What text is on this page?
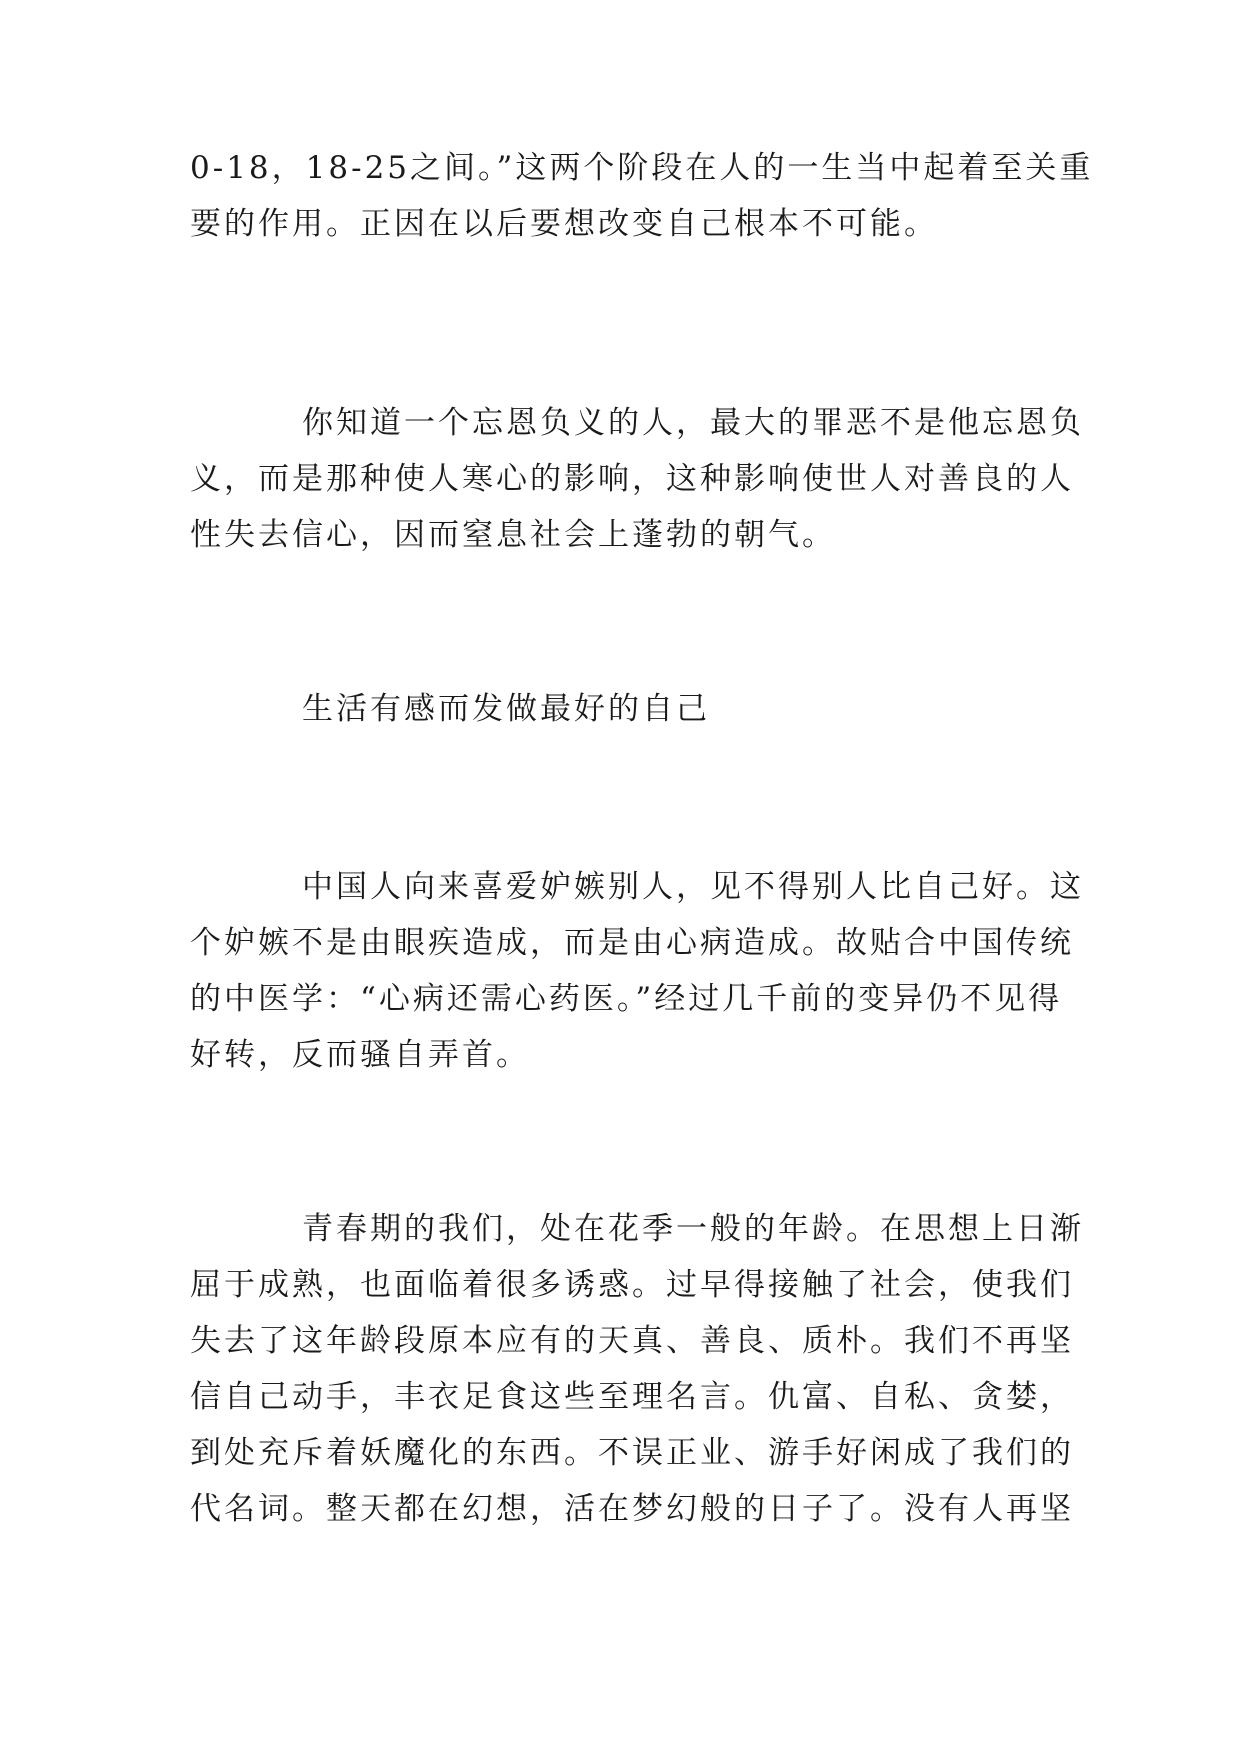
0-18，18-25之间。”这两个阶段在人的一生当中起着至关重
要的作用。正因在以后要想改变自己根本不可能。

你知道一个忘恩负义的人，最大的罪恶不是他忘恩负
义，而是那种使人寒心的影响，这种影响使世人对善良的人
性失去信心，因而窒息社会上蓬勃的朝气。

生活有感而发做最好的自己

中国人向来喜爱妒嫉别人，见不得别人比自己好。这
个妒嫉不是由眼疾造成，而是由心病造成。故贴合中国传统
的中医学：“心病还需心药医。”经过几千前的变异仍不见得
好转，反而骚自弄首。

青春期的我们，处在花季一般的年龄。在思想上日渐
屈于成熟，也面临着很多诱惑。过早得接触了社会，使我们
失去了这年龄段原本应有的天真、善良、质朴。我们不再坚
信自己动手，丰衣足食这些至理名言。仇富、自私、贪婪，
到处充斥着妖魔化的东西。不误正业、游手好闲成了我们的
代名词。整天都在幻想，活在梦幻般的日子了。没有人再坚
